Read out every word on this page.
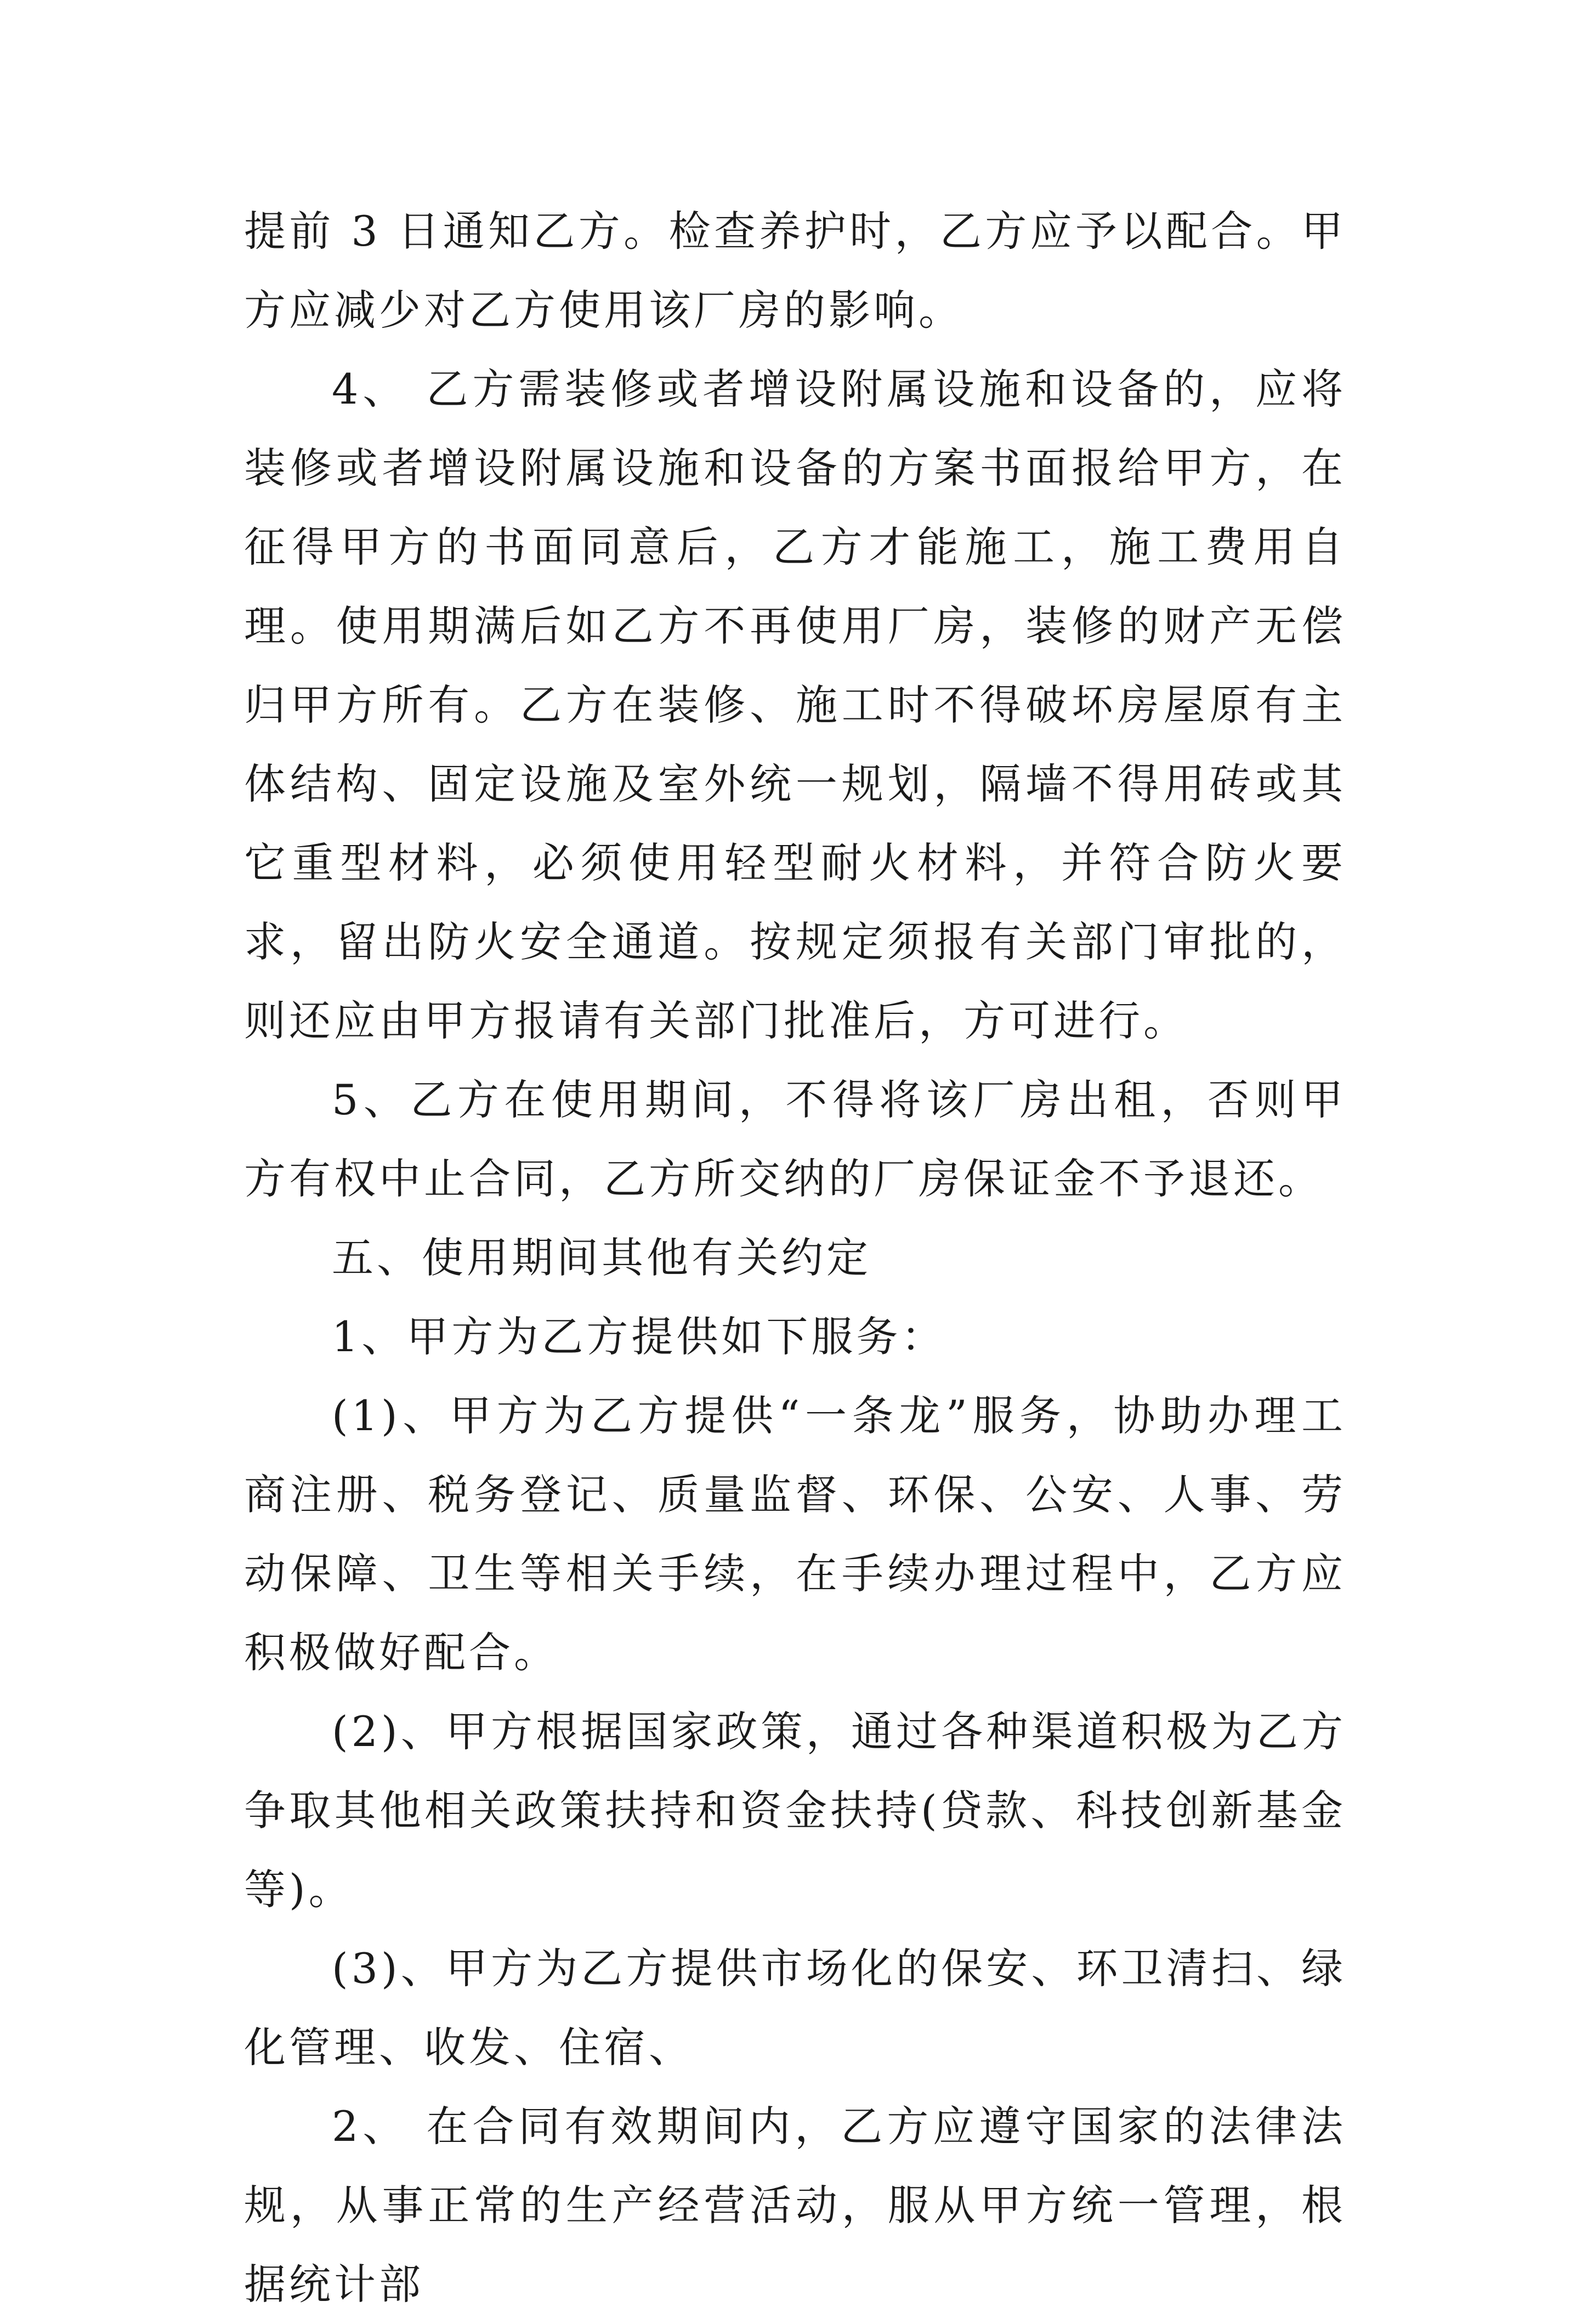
提前 3 日通知乙方。检查养护时，乙方应予以配合。甲方应减少对乙方使用该厂房的影响。

4、 乙方需装修或者增设附属设施和设备的，应将装修或者增设附属设施和设备的方案书面报给甲方，在征得甲方的书面同意后，乙方才能施工，施工费用自理。使用期满后如乙方不再使用厂房，装修的财产无偿归甲方所有。乙方在装修、施工时不得破坏房屋原有主体结构、固定设施及室外统一规划，隔墙不得用砖或其它重型材料，必须使用轻型耐火材料，并符合防火要求，留出防火安全通道。按规定须报有关部门审批的，则还应由甲方报请有关部门批准后，方可进行。

5、乙方在使用期间，不得将该厂房出租，否则甲方有权中止合同，乙方所交纳的厂房保证金不予退还。

五、使用期间其他有关约定

1、甲方为乙方提供如下服务：

(1)、甲方为乙方提供“一条龙”服务，协助办理工商注册、税务登记、质量监督、环保、公安、人事、劳动保障、卫生等相关手续，在手续办理过程中，乙方应积极做好配合。

(2)、甲方根据国家政策，通过各种渠道积极为乙方争取其他相关政策扶持和资金扶持(贷款、科技创新基金等)。

(3)、甲方为乙方提供市场化的保安、环卫清扫、绿化管理、收发、住宿、

2、 在合同有效期间内，乙方应遵守国家的法律法规，从事正常的生产经营活动，服从甲方统一管理，根据统计部
